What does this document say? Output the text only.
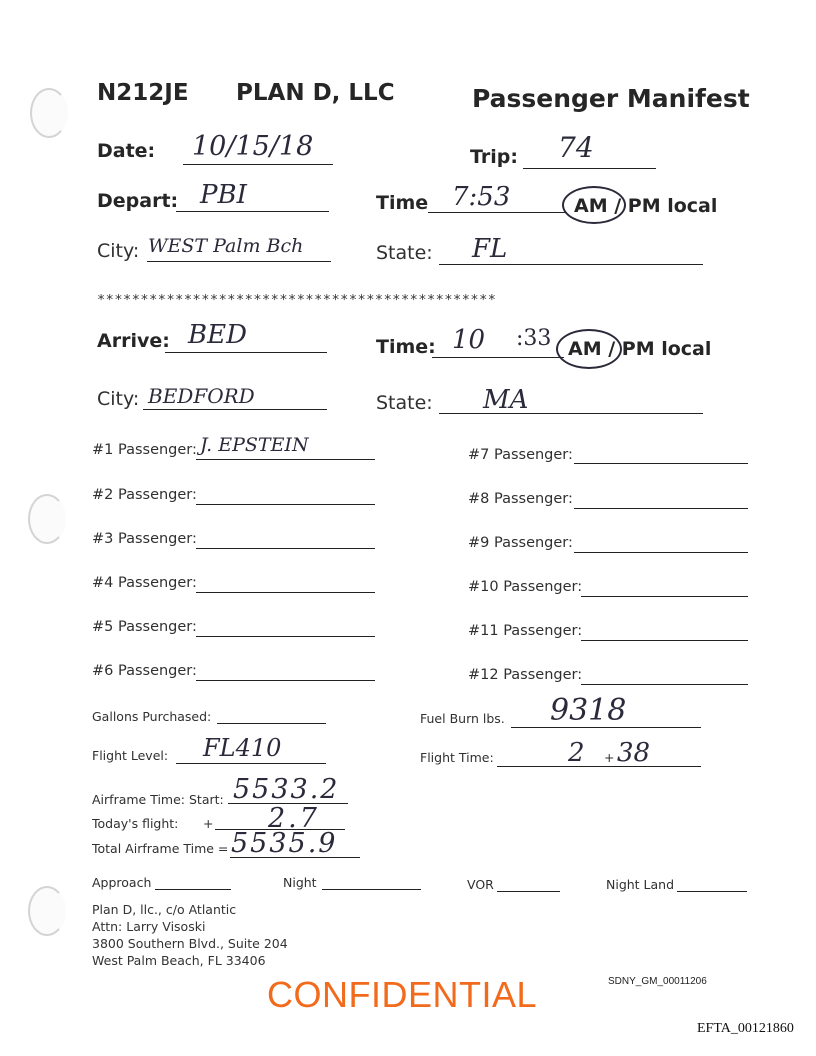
N212JE PLAN D, LLC	Passenger Manifest
Date: 10/15/18	Trip: 74
Depart: PBI	Time 7:53	AM / PM local
City: WEST Palm Bch	State: FL
**********************************************
Arrive: BED	Time: 10 :33 AM / PM local
City: BEDFORD	State: MA
#1 Passenger: J. EPSTEIN
#2 Passenger:
#3 Passenger:
#4 Passenger:
#5 Passenger:
#6 Passenger:
#7 Passenger:
#8 Passenger:
#9 Passenger:
#10 Passenger:
#11 Passenger:
#12 Passenger:
Gallons Purchased:	Fuel Burn lbs. 9318
Flight Level: FL410	Flight Time:	2 + 38
Airframe Time: Start: 5533.2
Today's flight: + 2.7
Total Airframe Time = 5535.9
Approach	Night	VOR	Night Land
Plan D, llc., c/o Atlantic
Attn: Larry Visoski
3800 Southern Blvd., Suite 204
West Palm Beach, FL 33406
CONFIDENTIAL	SDNY_GM_00011206
EFTA_00121860
